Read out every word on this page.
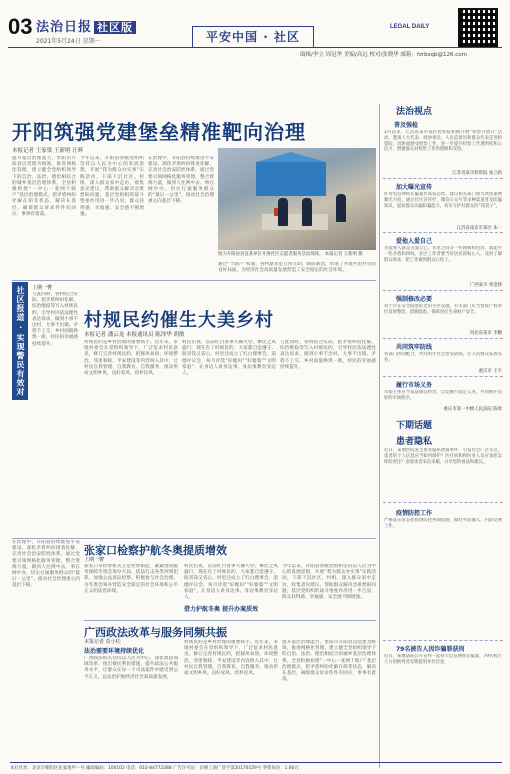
03 法治日报 社区版
2021年5月24日 星期一	平安中国 · 社区
LEGAL DAILY
编辑/李立 周冠华 美编/高远 校对/张晓华 邮箱：fzrbsqb@126.com
开阳筑强党建堡垒精准靶向治理
本报记者 王家梁 王新明 汪辉
提升基层治理能力，贵阳市开阳县以党建为统领，推进网格化管理，建立健全党组织领导下的自治、法治、德治相结合的城乡基层治理体系。全县积极构建“一中心一张网十联户”基层治理模式，把矛盾纠纷化解在萌芽状态，解决在基层，确保群众诉求件件有回应、事事有着落。
今年以来，开阳县各级党组织坚持以人民为中心的发展思想，开展“我为群众办实事”实践活动，干部下沉社区、村组，深入群众家中走访，收集意见建议，帮助群众解决急难愁盼问题，基层党组织的战斗堡垒作用进一步凸显，群众获得感、幸福感、安全感不断增强。
在治理中，开阳县持续推进平安建设，深化矛盾纠纷排查化解，完善社会治安防控体系，通过党建引领网格化服务管理，整合资源力量，做到人往网中去、事在网中办，切实打通服务群众的“最后一公里”，推动社会治理重心向基层下移。
通过“十联户”机制，各村寨邻里互帮互助、联防联治，形成了共建共治共享的良好局面，为经济社会高质量发展营造了安全稳定的社会环境。
图为开阳县县直某单位开展社区志愿者服务活动现场。 本报记者 王新明 摄
社区报道 · 实现警民有效对接
上期一瞥
与此同时，各村结合实际，把矛盾纠纷化解、综治维稳等写入村规民约，引导村民依法理性表达诉求，做到小事不出村、大事不出镇、矛盾不上交，乡村面貌焕然一新，村民的幸福感持续提升。
村规民约催生大美乡村
本报记者 潘云龙 本报通讯员 陈泽华 胡敏
村规民约是乡村治理的重要抓手。近年来，多地村委会在党组织领导下，广泛征求村民意见，修订完善村规民约，把移风易俗、环境整治、邻里和睦、平安建设等内容纳入其中，让村民自我管理、自我教育、自我服务，推动形成文明乡风、良好家风、淳朴民风。
村民们说，以前红白喜事大操大办，攀比之风盛行，现在有了村规民约，大家都自觉遵守，既省钱又省心。村里还成立了红白理事会、道德评议会，每月评选“好媳妇”“好婆婆”“文明家庭”，让身边人讲身边事、身边事教育身边人。
与此同时，各村结合实际，把矛盾纠纷化解、综治维稳等写入村规民约，引导村民依法理性表达诉求，做到小事不出村、大事不出镇、矛盾不上交，乡村面貌焕然一新，村民的幸福感持续提升。
张家口检察护航冬奥提质增效
上期一瞥
张家口市检察机关立足检察职能，紧紧围绕服务保障冬奥会筹办大局，依法打击各类刑事犯罪，加强公益诉讼检察，积极参与社会治理，为冬奥会筹办营造安全稳定的社会环境和公平正义的法治环境。
借力护航冬奥 提升办案质效
村民们说，以前红白喜事大操大办，攀比之风盛行，现在有了村规民约，大家都自觉遵守，既省钱又省心。村里还成立了红白理事会、道德评议会，每月评选“好媳妇”“好婆婆”“文明家庭”，让身边人讲身边事、身边事教育身边人。
今年以来，开阳县各级党组织坚持以人民为中心的发展思想，开展“我为群众办实事”实践活动，干部下沉社区、村组，深入群众家中走访，收集意见建议，帮助群众解决急难愁盼问题，基层党组织的战斗堡垒作用进一步凸显，群众获得感、幸福感、安全感不断增强。
在治理中，开阳县持续推进平安建设，深化矛盾纠纷排查化解，完善社会治安防控体系，通过党建引领网格化服务管理，整合资源力量，做到人往网中去、事在网中办，切实打通服务群众的“最后一公里”，推动社会治理重心向基层下移。
广西政法改革与服务同频共振
本报记者 莫小松
法治需要环境持续优化
广西政法机关坚持以人民为中心，深化政法领域改革，推出便民利民措施，提升政法公共服务水平，让群众在每一个司法案件中感受到公平正义，以法治护航经济社会高质量发展。
村规民约是乡村治理的重要抓手。近年来，多地村委会在党组织领导下，广泛征求村民意见，修订完善村规民约，把移风易俗、环境整治、邻里和睦、平安建设等内容纳入其中，让村民自我管理、自我教育、自我服务，推动形成文明乡风、良好家风、淳朴民风。
提升基层治理能力，贵阳市开阳县以党建为统领，推进网格化管理，建立健全党组织领导下的自治、法治、德治相结合的城乡基层治理体系。全县积极构建“一中心一张网十联户”基层治理模式，把矛盾纠纷化解在萌芽状态，解决在基层，确保群众诉求件件有回应、事事有着落。
法治视点
普及强检
3月以来，江苏省某市某区检察院积极开展“检察开放日”活动，邀请人大代表、政协委员、人民监督员和群众代表走进检察院，近距离感受检察工作，进一步提升检察工作透明度和公信力，增强群众对检察工作的理解和支持。
江苏省某市检察院 张立新
加大曝光宣传
针对电信网络诈骗案件高发态势，建议相关部门加大典型案例曝光力度，通过社区宣传栏、微信公众号等多种渠道普及防骗知识，提高群众识骗防骗能力，切实守护好群众的“钱袋子”。
江苏省南京市某区 朱一
爱他人爱自己
关爱他人就是关爱自己，邻里之间多一些理解和包容，就能少一些矛盾和纠纷。社区工作者要当好居民的贴心人，及时了解群众诉求，把工作做到群众心坎上。
广西某市 黄金锋
强制修改必要
对于存在安全隐患的老旧小区设施，有关部门应当督促产权单位及时整改，消除隐患，保障居民生命财产安全。
河北省某市 李鹏
共同筑牢防线
各部门协同配合，共同筑牢社会治安防线，让人民群众安居乐业。
重庆市 王宇
履行市场义务
市场主体应当依法诚信经营，自觉履行法定义务，共同维护良好的市场秩序。
重庆市第一中级人民法院 陈勇
下期话题
患者隐私
近日，某地医院发生患者隐私泄露事件，引发社会广泛关注。患者的个人信息应当如何保护？医疗机构和医务人员应承担怎样的责任？欢迎读者来信来稿，分享您的看法和建议。
疫情防控工作
严格落实常态化疫情防控各项措施，做好外防输入、内防反弹工作。
79名被告人因诈骗罪获刑
近日，某地法院公开宣判一起特大电信网络诈骗案，79名被告人分别被判处有期徒刑并处罚金。
本社社址：北京市朝阳区花家地甲一号 邮政编码：100102 电话：010-84772288 广告许可证：京朝工商广登字第20170159号 零售每份：1.80元
